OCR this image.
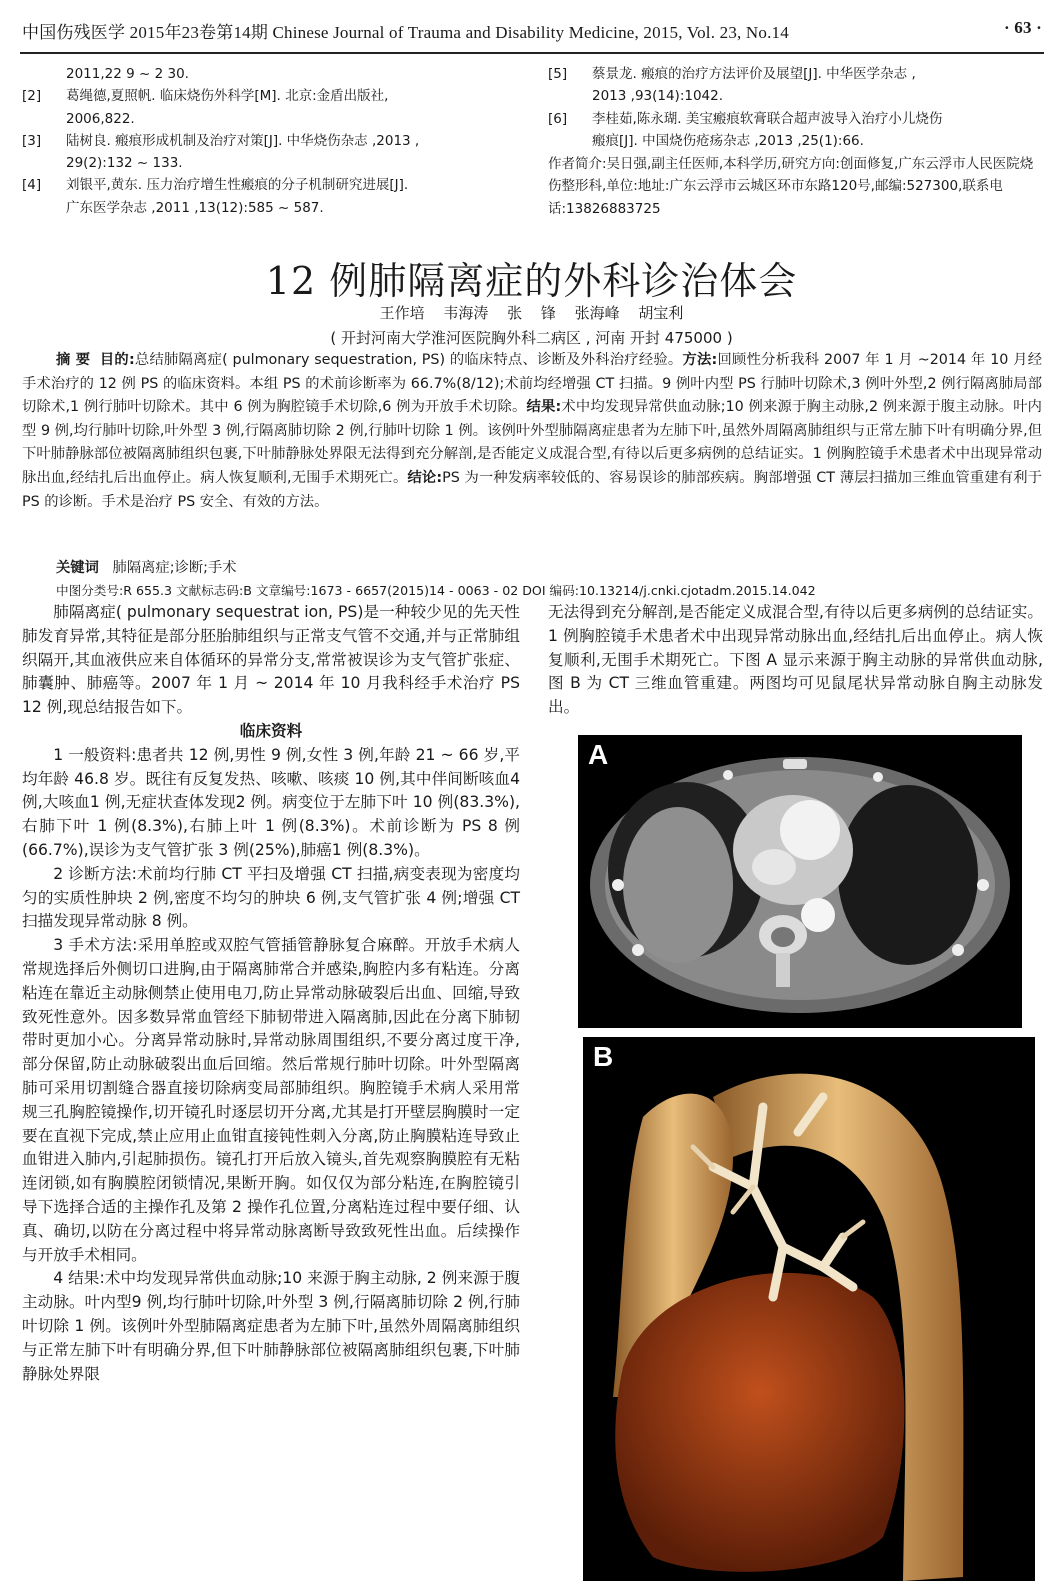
中国伤残医学 2015年23卷第14期 Chinese Journal of Trauma and Disability Medicine, 2015, Vol. 23, No.14	· 63 ·
2011,22 9 ~ 2 30.
[2] 葛绳德,夏照帆. 临床烧伤外科学[M]. 北京:金盾出版社,
2006,822.
[3] 陆树良. 瘢痕形成机制及治疗对策[J]. 中华烧伤杂志 ,2013 ,
29(2):132 ~ 133.
[4] 刘银平,黄东. 压力治疗增生性瘢痕的分子机制研究进展[J].
广东医学杂志 ,2011 ,13(12):585 ~ 587.
[5] 蔡景龙. 瘢痕的治疗方法评价及展望[J]. 中华医学杂志 ,
2013 ,93(14):1042.
[6] 李桂茹,陈永瑚. 美宝瘢痕软膏联合超声波导入治疗小儿烧伤
瘢痕[J]. 中国烧伤疮疡杂志 ,2013 ,25(1):66.
作者简介:吴日强,副主任医师,本科学历,研究方向:创面修复,广东云浮市人民医院烧伤整形科,单位:地址:广东云浮市云城区环市东路120号,邮编:527300,联系电话:13826883725
12 例肺隔离症的外科诊治体会
王作培 韦海涛 张 锋 张海峰 胡宝利
( 开封河南大学淮河医院胸外科二病区 , 河南 开封 475000 )
摘 要 目的:总结肺隔离症( pulmonary sequestration, PS) 的临床特点、诊断及外科治疗经验。方法:回顾性分析我科 2007 年 1 月 ~2014 年 10 月经手术治疗的 12 例 PS 的临床资料。本组 PS 的术前诊断率为 66.7%(8/12);术前均经增强 CT 扫描。9 例叶内型 PS 行肺叶切除术,3 例叶外型,2 例行隔离肺局部切除术,1 例行肺叶切除术。其中 6 例为胸腔镜手术切除,6 例为开放手术切除。结果:术中均发现异常供血动脉;10 例来源于胸主动脉,2 例来源于腹主动脉。叶内型 9 例,均行肺叶切除,叶外型 3 例,行隔离肺切除 2 例,行肺叶切除 1 例。该例叶外型肺隔离症患者为左肺下叶,虽然外周隔离肺组织与正常左肺下叶有明确分界,但下叶肺静脉部位被隔离肺组织包裹,下叶肺静脉处界限无法得到充分解剖,是否能定义成混合型,有待以后更多病例的总结证实。1 例胸腔镜手术患者术中出现异常动脉出血,经结扎后出血停止。病人恢复顺利,无围手术期死亡。结论:PS 为一种发病率较低的、容易误诊的肺部疾病。胸部增强 CT 薄层扫描加三维血管重建有利于 PS 的诊断。手术是治疗 PS 安全、有效的方法。
关键词 肺隔离症;诊断;手术
中图分类号:R 655.3 文献标志码:B 文章编号:1673 - 6657(2015)14 - 0063 - 02 DOI 编码:10.13214/j.cnki.cjotadm.2015.14.042

肺隔离症( pulmonary sequestrat ion, PS)是一种较少见的先天性肺发育异常,其特征是部分胚胎肺组织与正常支气管不交通,并与正常肺组织隔开,其血液供应来自体循环的异常分支,常常被误诊为支气管扩张症、肺囊肿、肺癌等。2007 年 1 月 ~ 2014 年 10 月我科经手术治疗 PS 12 例,现总结报告如下。

临床资料

1 一般资料:患者共 12 例,男性 9 例,女性 3 例,年龄 21 ~ 66 岁,平均年龄 46.8 岁。既往有反复发热、咳嗽、咳痰 10 例,其中伴间断咳血4 例,大咳血1 例,无症状查体发现2 例。病变位于左肺下叶 10 例(83.3%),右肺下叶 1 例(8.3%),右肺上叶 1 例(8.3%)。术前诊断为 PS 8 例(66.7%),误诊为支气管扩张 3 例(25%),肺癌1 例(8.3%)。

2 诊断方法:术前均行肺 CT 平扫及增强 CT 扫描,病变表现为密度均匀的实质性肿块 2 例,密度不均匀的肿块 6 例,支气管扩张 4 例;增强 CT 扫描发现异常动脉 8 例。

3 手术方法:采用单腔或双腔气管插管静脉复合麻醉。开放手术病人常规选择后外侧切口进胸,由于隔离肺常合并感染,胸腔内多有粘连。分离粘连在靠近主动脉侧禁止使用电刀,防止异常动脉破裂后出血、回缩,导致致死性意外。因多数异常血管经下肺韧带进入隔离肺,因此在分离下肺韧带时更加小心。分离异常动脉时,异常动脉周围组织,不要分离过度干净,部分保留,防止动脉破裂出血后回缩。然后常规行肺叶切除。叶外型隔离肺可采用切割缝合器直接切除病变局部肺组织。胸腔镜手术病人采用常规三孔胸腔镜操作,切开镜孔时逐层切开分离,尤其是打开壁层胸膜时一定要在直视下完成,禁止应用止血钳直接钝性刺入分离,防止胸膜粘连导致止血钳进入肺内,引起肺损伤。镜孔打开后放入镜头,首先观察胸膜腔有无粘连闭锁,如有胸膜腔闭锁情况,果断开胸。如仅仅为部分粘连,在胸腔镜引导下选择合适的主操作孔及第 2 操作孔位置,分离粘连过程中要仔细、认真、确切,以防在分离过程中将异常动脉离断导致致死性出血。后续操作与开放手术相同。

4 结果:术中均发现异常供血动脉;10 来源于胸主动脉, 2 例来源于腹主动脉。叶内型9 例,均行肺叶切除,叶外型 3 例,行隔离肺切除 2 例,行肺叶切除 1 例。该例叶外型肺隔离症患者为左肺下叶,虽然外周隔离肺组织与正常左肺下叶有明确分界,但下叶肺静脉部位被隔离肺组织包裹,下叶肺静脉处界限

无法得到充分解剖,是否能定义成混合型,有待以后更多病例的总结证实。1 例胸腔镜手术患者术中出现异常动脉出血,经结扎后出血停止。病人恢复顺利,无围手术期死亡。下图 A 显示来源于胸主动脉的异常供血动脉,图 B 为 CT 三维血管重建。两图均可见鼠尾状异常动脉自胸主动脉发出。

A
B
